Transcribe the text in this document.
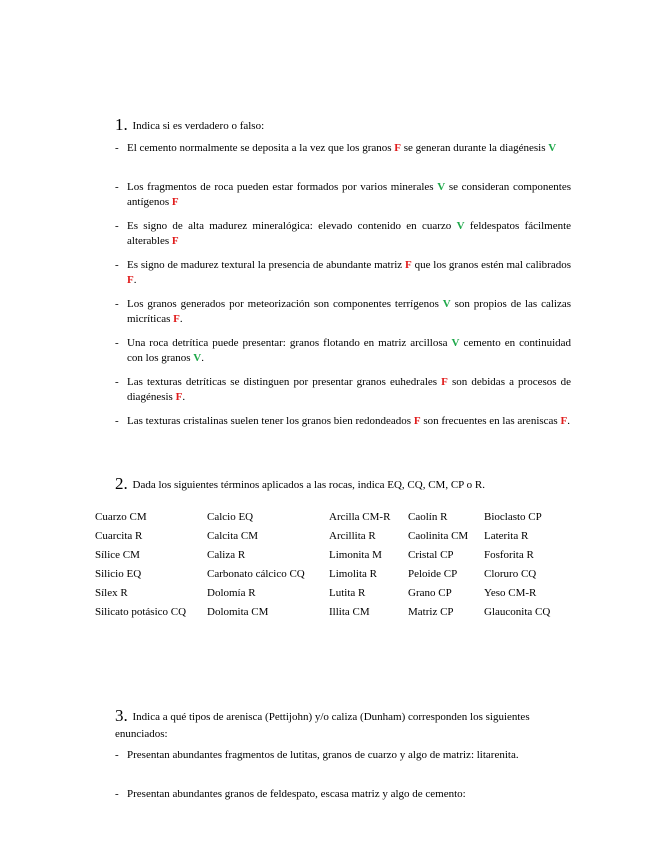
1. Indica si es verdadero o falso:
- El cemento normalmente se deposita a la vez que los granos F se generan durante la diagénesis V
- Los fragmentos de roca pueden estar formados por varios minerales V se consideran componentes antígenos F
- Es signo de alta madurez mineralógica: elevado contenido en cuarzo V feldespatos fácilmente alterables F
- Es signo de madurez textural la presencia de abundante matriz F que los granos estén mal calibrados F.
- Los granos generados por meteorización son componentes terrígenos V son propios de las calizas micríticas F.
- Una roca detrítica puede presentar: granos flotando en matriz arcillosa V cemento en continuidad con los granos V.
- Las texturas detríticas se distinguen por presentar granos euhedrales F son debidas a procesos de diagénesis F.
- Las texturas cristalinas suelen tener los granos bien redondeados F son frecuentes en las areniscas F.
2. Dada los siguientes términos aplicados a las rocas, indica EQ, CQ, CM, CP o R.
Cuarzo CM	Calcio EQ	Arcilla CM-R	Caolín R	Bioclasto CP
Cuarcita R	Calcita CM	Arcillita R	Caolinita CM	Laterita R
Sílice CM	Caliza R	Limonita M	Cristal CP	Fosforita R
Silicio EQ	Carbonato cálcico CQ	Limolita R	Peloide CP	Cloruro CQ
Sílex R	Dolomía R	Lutita R	Grano CP	Yeso CM-R
Silicato potásico CQ	Dolomita CM	Illita CM	Matriz CP	Glauconita CQ
3. Indica a qué tipos de arenisca (Pettijohn) y/o caliza (Dunham) corresponden los siguientes enunciados:
- Presentan abundantes fragmentos de lutitas, granos de cuarzo y algo de matriz: litarenita.
- Presentan abundantes granos de feldespato, escasa matriz y algo de cemento:
